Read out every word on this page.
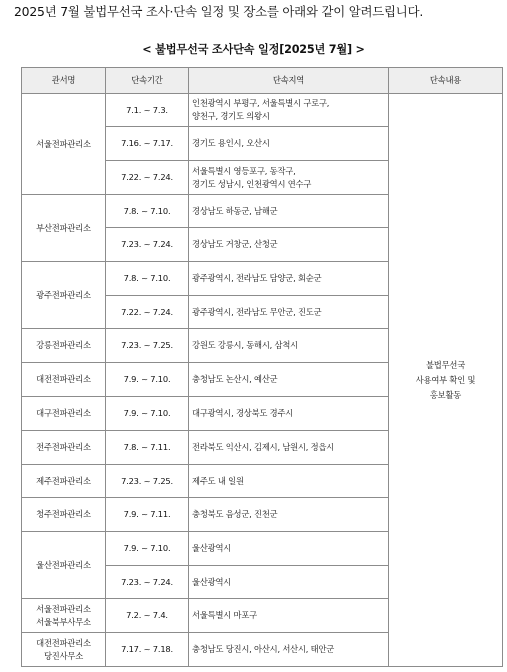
2025년 7월 불법무선국 조사·단속 일정 및 장소를 아래와 같이 알려드립니다.
< 불법무선국 조사단속 일정[2025년 7월] >
관서명	단속기간	단속지역	단속내용

서울전파관리소	7.1. ~ 7.3.	인천광역시 부평구, 서울특별시 구로구,
양천구, 경기도 의왕시	불법무선국
사용여부 확인 및
홍보활동

	7.16. ~ 7.17.	경기도 용인시, 오산시	

	7.22. ~ 7.24.	서울특별시 영등포구, 동작구,
경기도 성남시, 인천광역시 연수구	

부산전파관리소	7.8. ~ 7.10.	경상남도 하동군, 남해군	

	7.23. ~ 7.24.	경상남도 거창군, 산청군	

광주전파관리소	7.8. ~ 7.10.	광주광역시, 전라남도 담양군, 회순군	

	7.22. ~ 7.24.	광주광역시, 전라남도 무안군, 진도군	

강릉전파관리소	7.23. ~ 7.25.	강원도 강릉시, 동해시, 삼척시	

대전전파관리소	7.9. ~ 7.10.	충청남도 논산시, 예산군	

대구전파관리소	7.9. ~ 7.10.	대구광역시, 경상북도 경주시	

전주전파관리소	7.8. ~ 7.11.	전라북도 익산시, 김제시, 남원시, 정읍시	

제주전파관리소	7.23. ~ 7.25.	제주도 내 일원	

청주전파관리소	7.9. ~ 7.11.	충청북도 음성군, 진천군	

울산전파관리소	7.9. ~ 7.10.	울산광역시	

	7.23. ~ 7.24.	울산광역시	

서울전파관리소
서울북부사무소	7.2. ~ 7.4.	서울특별시 마포구	

대전전파관리소
당진사무소	7.17. ~ 7.18.	충청남도 당진시, 아산시, 서산시, 태안군	
